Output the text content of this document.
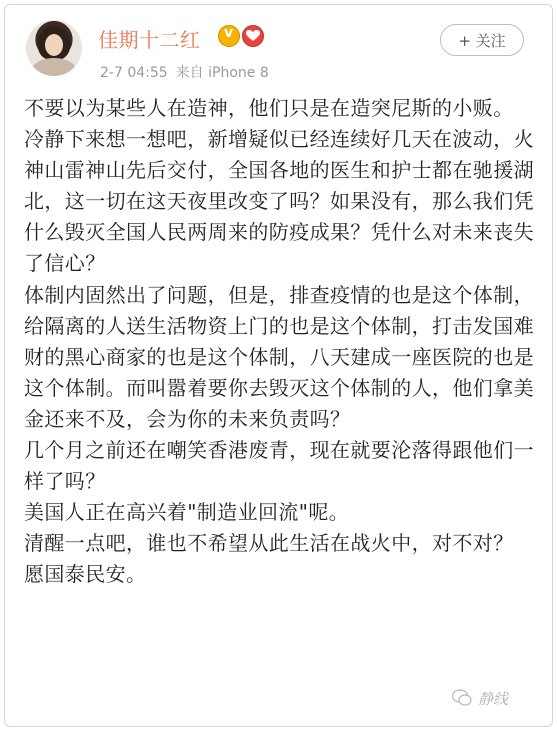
佳期十二红
v
2-7 04:55 来自 iPhone 8
+ 关注

不要以为某些人在造神，他们只是在造突尼斯的小贩。

冷静下来想一想吧，新增疑似已经连续好几天在波动，火神山雷神山先后交付，全国各地的医生和护士都在驰援湖北，这一切在这天夜里改变了吗？如果没有，那么我们凭什么毁灭全国人民两周来的防疫成果？凭什么对未来丧失了信心？

体制内固然出了问题，但是，排查疫情的也是这个体制，给隔离的人送生活物资上门的也是这个体制，打击发国难财的黑心商家的也是这个体制，八天建成一座医院的也是这个体制。而叫嚣着要你去毁灭这个体制的人，他们拿美金还来不及，会为你的未来负责吗？

几个月之前还在嘲笑香港废青，现在就要沦落得跟他们一样了吗？

美国人正在高兴着"制造业回流"呢。

清醒一点吧，谁也不希望从此生活在战火中，对不对？

愿国泰民安。

静线
